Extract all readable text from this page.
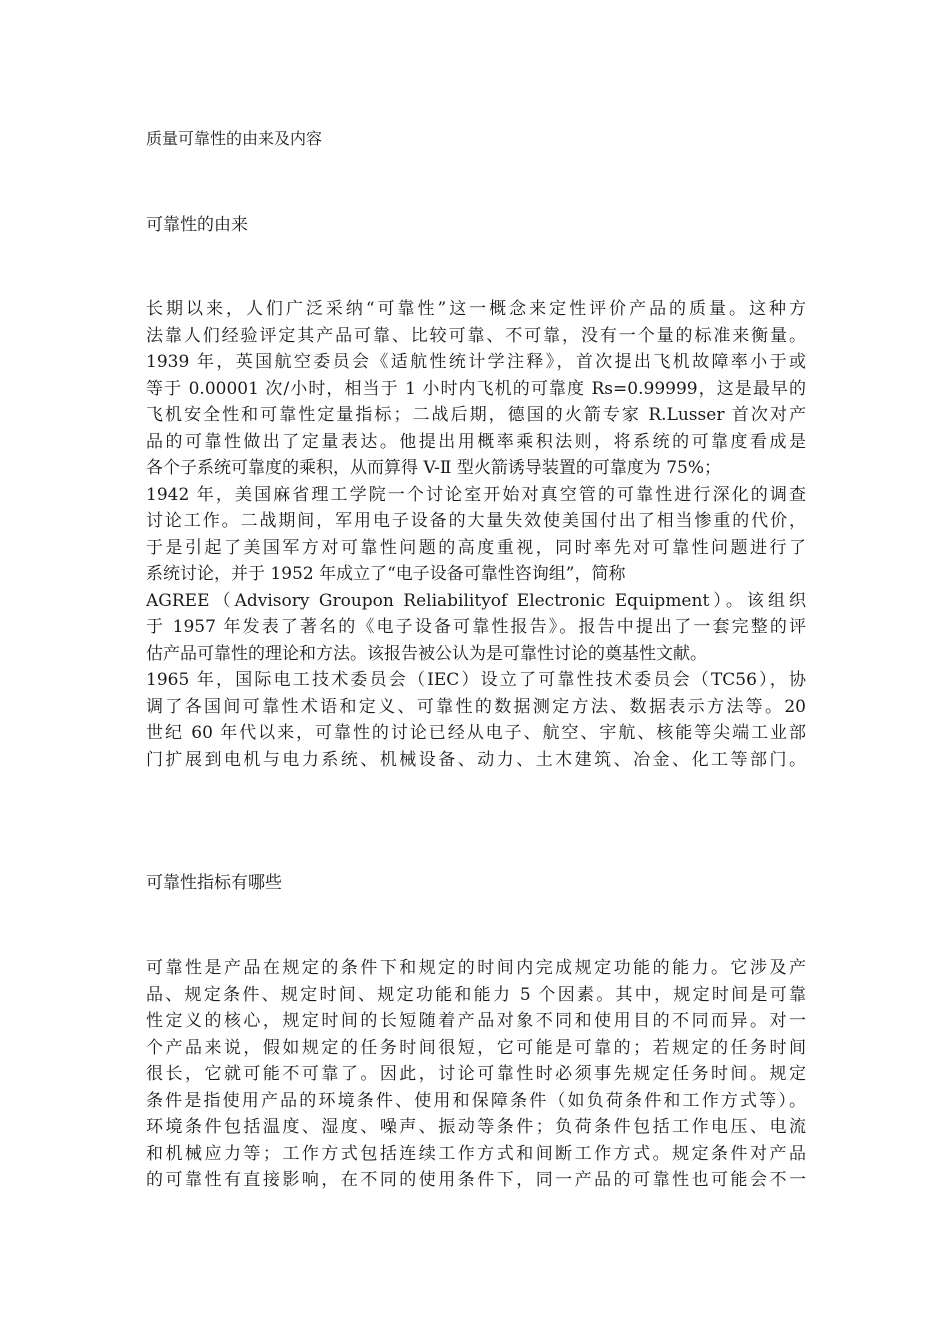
质量可靠性的由来及内容
可靠性的由来
长期以来，人们广泛采纳“可靠性”这一概念来定性评价产品的质量。这种方
法靠人们经验评定其产品可靠、比较可靠、不可靠，没有一个量的标准来衡量。
1939 年，英国航空委员会《适航性统计学注释》，首次提出飞机故障率小于或
等于 0.00001 次/小时，相当于 1 小时内飞机的可靠度 Rs=0.99999，这是最早的
飞机安全性和可靠性定量指标；二战后期，德国的火箭专家 R.Lusser 首次对产
品的可靠性做出了定量表达。他提出用概率乘积法则，将系统的可靠度看成是
各个子系统可靠度的乘积，从而算得 V-Ⅱ 型火箭诱导装置的可靠度为 75%；
1942 年，美国麻省理工学院一个讨论室开始对真空管的可靠性进行深化的调查
讨论工作。二战期间，军用电子设备的大量失效使美国付出了相当惨重的代价，
于是引起了美国军方对可靠性问题的高度重视，同时率先对可靠性问题进行了
系统讨论，并于 1952 年成立了“电子设备可靠性咨询组”，简称
AGREE（Advisory Groupon Reliabilityof Electronic Equipment）。该组织
于 1957 年发表了著名的《电子设备可靠性报告》。报告中提出了一套完整的评
估产品可靠性的理论和方法。该报告被公认为是可靠性讨论的奠基性文献。
1965 年，国际电工技术委员会（IEC）设立了可靠性技术委员会（TC56），协
调了各国间可靠性术语和定义、可靠性的数据测定方法、数据表示方法等。20
世纪 60 年代以来，可靠性的讨论已经从电子、航空、宇航、核能等尖端工业部
门扩展到电机与电力系统、机械设备、动力、土木建筑、冶金、化工等部门。
可靠性指标有哪些
可靠性是产品在规定的条件下和规定的时间内完成规定功能的能力。它涉及产
品、规定条件、规定时间、规定功能和能力 5 个因素。其中，规定时间是可靠
性定义的核心，规定时间的长短随着产品对象不同和使用目的不同而异。对一
个产品来说，假如规定的任务时间很短，它可能是可靠的；若规定的任务时间
很长，它就可能不可靠了。因此，讨论可靠性时必须事先规定任务时间。规定
条件是指使用产品的环境条件、使用和保障条件（如负荷条件和工作方式等）。
环境条件包括温度、湿度、噪声、振动等条件；负荷条件包括工作电压、电流
和机械应力等；工作方式包括连续工作方式和间断工作方式。规定条件对产品
的可靠性有直接影响，在不同的使用条件下，同一产品的可靠性也可能会不一
